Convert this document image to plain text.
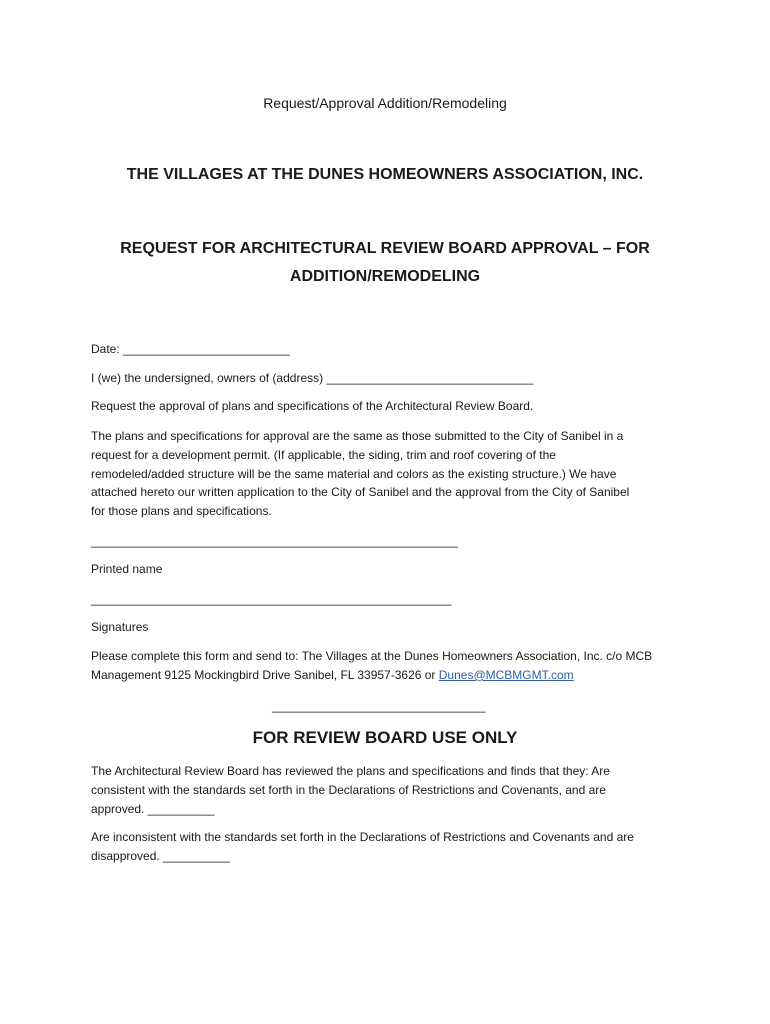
Request/Approval Addition/Remodeling

THE VILLAGES AT THE DUNES HOMEOWNERS ASSOCIATION, INC.

REQUEST FOR ARCHITECTURAL REVIEW BOARD APPROVAL – FOR

ADDITION/REMODELING

Date: _________________________

I (we) the undersigned, owners of (address) _______________________________

Request the approval of plans and specifications of the Architectural Review Board.

The plans and specifications for approval are the same as those submitted to the City of Sanibel in a
request for a development permit. (If applicable, the siding, trim and roof covering of the
remodeled/added structure will be the same material and colors as the existing structure.) We have
attached hereto our written application to the City of Sanibel and the approval from the City of Sanibel
for those plans and specifications.

_______________________________________________________

Printed name

______________________________________________________

Signatures

Please complete this form and send to: The Villages at the Dunes Homeowners Association, Inc. c/o MCB
Management 9125 Mockingbird Drive Sanibel, FL 33957-3626 or Dunes@MCBMGMT.com

________________________________

FOR REVIEW BOARD USE ONLY

The Architectural Review Board has reviewed the plans and specifications and finds that they: Are
consistent with the standards set forth in the Declarations of Restrictions and Covenants, and are
approved. __________
Are inconsistent with the standards set forth in the Declarations of Restrictions and Covenants and are
disapproved. __________
